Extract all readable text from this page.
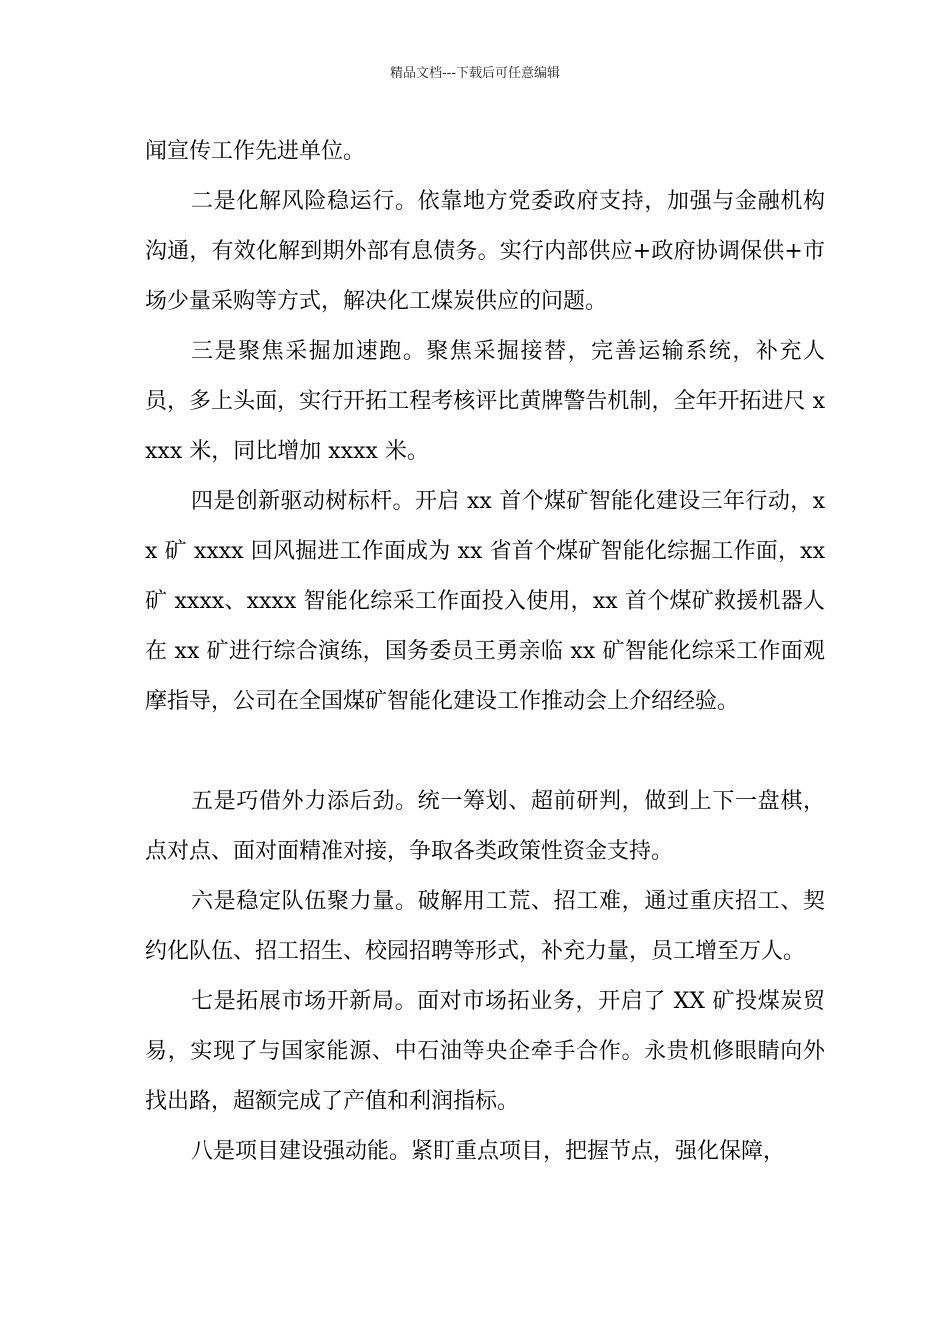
精品文档---下载后可任意编辑

闻宣传工作先进单位。

二是化解风险稳运行。依靠地方党委政府支持，加强与金融机构沟通，有效化解到期外部有息债务。实行内部供应+政府协调保供+市场少量采购等方式，解决化工煤炭供应的问题。

三是聚焦采掘加速跑。聚焦采掘接替，完善运输系统，补充人员，多上头面，实行开拓工程考核评比黄牌警告机制，全年开拓进尺 xxxx 米，同比增加 xxxx 米。

四是创新驱动树标杆。开启 xx 首个煤矿智能化建设三年行动，xx 矿 xxxx 回风掘进工作面成为 xx 省首个煤矿智能化综掘工作面，xx 矿 xxxx、xxxx 智能化综采工作面投入使用，xx 首个煤矿救援机器人在 xx 矿进行综合演练，国务委员王勇亲临 xx 矿智能化综采工作面观摩指导，公司在全国煤矿智能化建设工作推动会上介绍经验。

五是巧借外力添后劲。统一筹划、超前研判，做到上下一盘棋，点对点、面对面精准对接，争取各类政策性资金支持。

六是稳定队伍聚力量。破解用工荒、招工难，通过重庆招工、契约化队伍、招工招生、校园招聘等形式，补充力量，员工增至万人。

七是拓展市场开新局。面对市场拓业务，开启了 XX 矿投煤炭贸易，实现了与国家能源、中石油等央企牵手合作。永贵机修眼睛向外找出路，超额完成了产值和利润指标。

八是项目建设强动能。紧盯重点项目，把握节点，强化保障，
